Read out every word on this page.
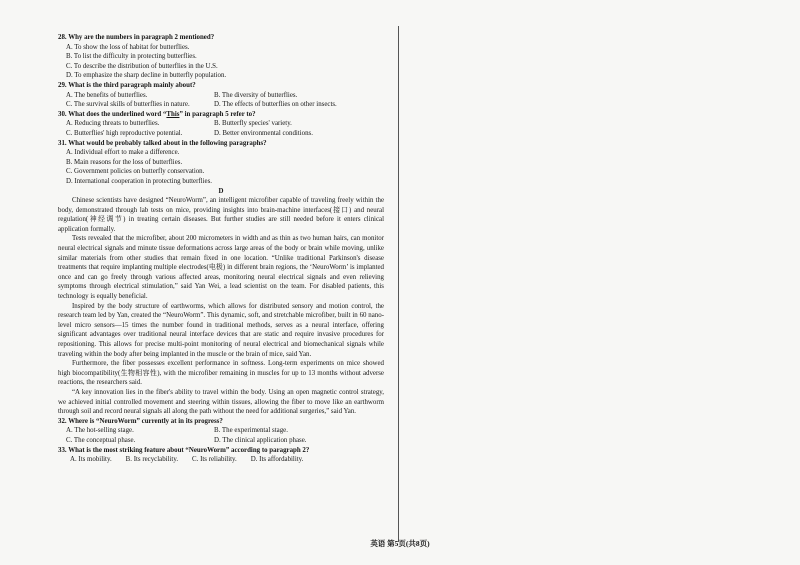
28. Why are the numbers in paragraph 2 mentioned?
A. To show the loss of habitat for butterflies.
B. To list the difficulty in protecting butterflies.
C. To describe the distribution of butterflies in the U.S.
D. To emphasize the sharp decline in butterfly population.
29. What is the third paragraph mainly about?
A. The benefits of butterflies.	B. The diversity of butterflies.
C. The survival skills of butterflies in nature.	D. The effects of butterflies on other insects.
30. What does the underlined word “This” in paragraph 5 refer to?
A. Reducing threats to butterflies.	B. Butterfly species' variety.
C. Butterflies' high reproductive potential.	D. Better environmental conditions.
31. What would be probably talked about in the following paragraphs?
A. Individual effort to make a difference.
B. Main reasons for the loss of butterflies.
C. Government policies on butterfly conservation.
D. International cooperation in protecting butterflies.
D
Chinese scientists have designed “NeuroWorm”, an intelligent microfiber capable of traveling freely within the body, demonstrated through lab tests on mice, providing insights into brain-machine interfaces(接口) and neural regulation(神经调节) in treating certain diseases. But further studies are still needed before it enters clinical application formally.
Tests revealed that the microfiber, about 200 micrometers in width and as thin as two human hairs, can monitor neural electrical signals and minute tissue deformations across large areas of the body or brain while moving, unlike similar materials from other studies that remain fixed in one location. “Unlike traditional Parkinson's disease treatments that require implanting multiple electrodes(电极) in different brain regions, the ‘NeuroWorm’ is implanted once and can go freely through various affected areas, monitoring neural electrical signals and even relieving symptoms through electrical stimulation,” said Yan Wei, a lead scientist on the team. For disabled patients, this technology is equally beneficial.
Inspired by the body structure of earthworms, which allows for distributed sensory and motion control, the research team led by Yan, created the “NeuroWorm”. This dynamic, soft, and stretchable microfiber, built in 60 nano-level micro sensors—15 times the number found in traditional methods, serves as a neural interface, offering significant advantages over traditional neural interface devices that are static and require invasive procedures for repositioning. This allows for precise multi-point monitoring of neural electrical and biomechanical signals while traveling within the body after being implanted in the muscle or the brain of mice, said Yan.
Furthermore, the fiber possesses excellent performance in softness. Long-term experiments on mice showed high biocompatibility(生物相容性), with the microfiber remaining in muscles for up to 13 months without adverse reactions, the researchers said.
“A key innovation lies in the fiber's ability to travel within the body. Using an open magnetic control strategy, we achieved initial controlled movement and steering within tissues, allowing the fiber to move like an earthworm through soil and record neural signals all along the path without the need for additional surgeries,” said Yan.
32. Where is “NeuroWorm” currently at in its progress?
A. The hot-selling stage.	B. The experimental stage.
C. The conceptual phase.	D. The clinical application phase.
33. What is the most striking feature about “NeuroWorm” according to paragraph 2?
A. Its mobility. B. Its recyclability. C. Its reliability. D. Its affordability.
英语 第5页(共8页)
